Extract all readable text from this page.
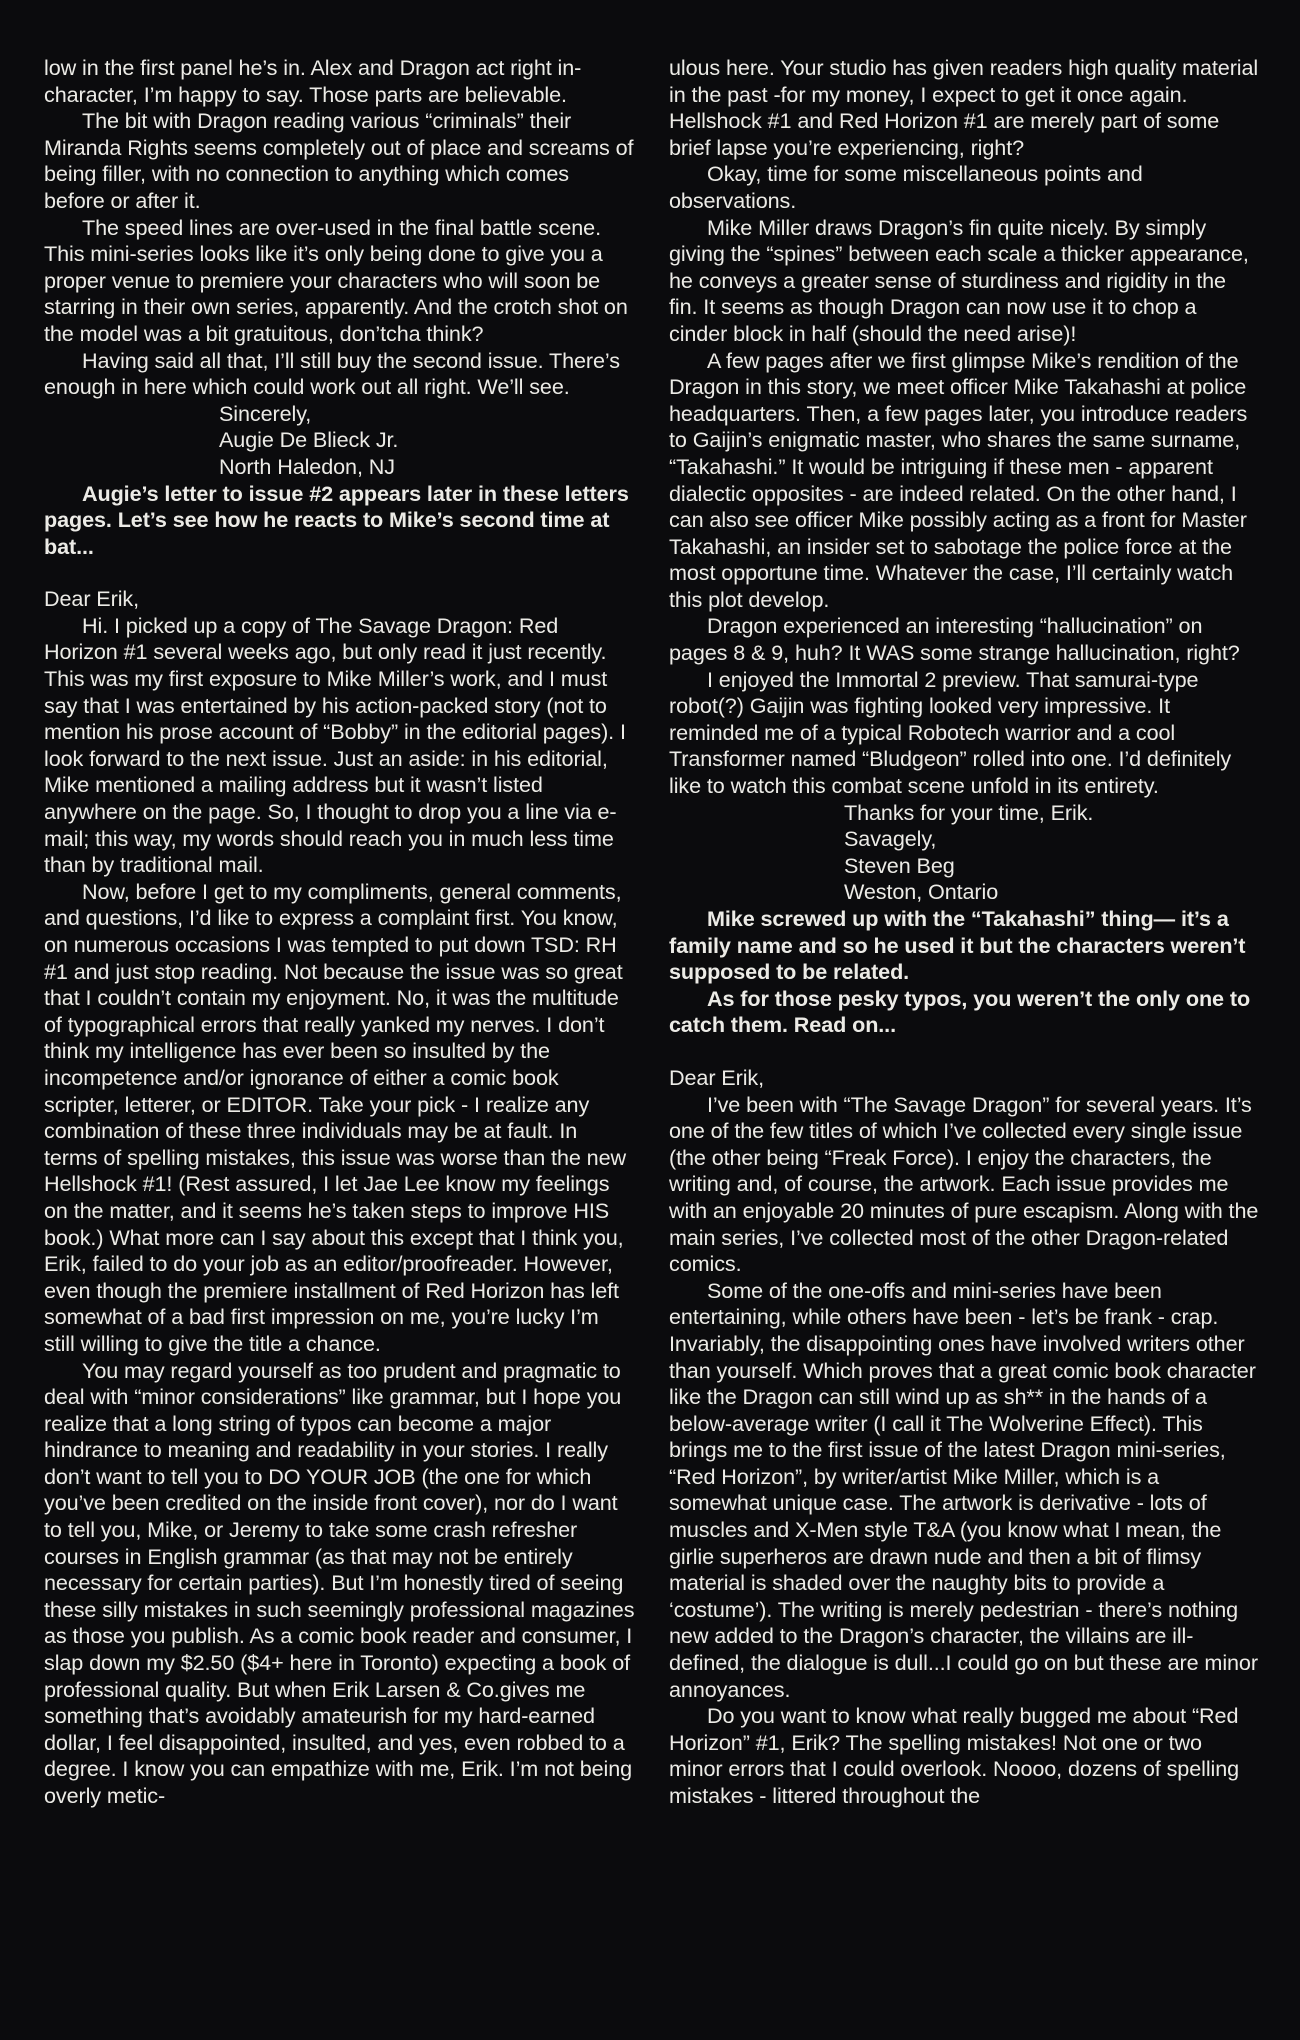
low in the first panel he’s in. Alex and Dragon act right in-character, I’m happy to say. Those parts are believable.

The bit with Dragon reading various “criminals” their Miranda Rights seems completely out of place and screams of being filler, with no connection to anything which comes before or after it.

The speed lines are over-used in the final battle scene. This mini-series looks like it’s only being done to give you a proper venue to premiere your characters who will soon be starring in their own series, apparently. And the crotch shot on the model was a bit gratuitous, don’tcha think?

Having said all that, I’ll still buy the second issue. There’s enough in here which could work out all right. We’ll see.

Sincerely,

Augie De Blieck Jr.

North Haledon, NJ

Augie’s letter to issue #2 appears later in these letters pages. Let’s see how he reacts to Mike’s second time at bat...

Dear Erik,

Hi. I picked up a copy of The Savage Dragon: Red Horizon #1 several weeks ago, but only read it just recently. This was my first exposure to Mike Miller’s work, and I must say that I was entertained by his action-packed story (not to mention his prose account of “Bobby” in the editorial pages). I look forward to the next issue. Just an aside: in his editorial, Mike mentioned a mailing address but it wasn’t listed anywhere on the page. So, I thought to drop you a line via e-mail; this way, my words should reach you in much less time than by traditional mail.

Now, before I get to my compliments, general comments, and questions, I’d like to express a complaint first. You know, on numerous occasions I was tempted to put down TSD: RH #1 and just stop reading. Not because the issue was so great that I couldn’t contain my enjoyment. No, it was the multitude of typographical errors that really yanked my nerves. I don’t think my intelligence has ever been so insulted by the incompetence and/or ignorance of either a comic book scripter, letterer, or EDITOR. Take your pick - I realize any combination of these three individuals may be at fault. In terms of spelling mistakes, this issue was worse than the new Hellshock #1! (Rest assured, I let Jae Lee know my feelings on the matter, and it seems he’s taken steps to improve HIS book.) What more can I say about this except that I think you, Erik, failed to do your job as an editor/proofreader. However, even though the premiere installment of Red Horizon has left somewhat of a bad first impression on me, you’re lucky I’m still willing to give the title a chance.

You may regard yourself as too prudent and pragmatic to deal with “minor considerations” like grammar, but I hope you realize that a long string of typos can become a major hindrance to meaning and readability in your stories. I really don’t want to tell you to DO YOUR JOB (the one for which you’ve been credited on the inside front cover), nor do I want to tell you, Mike, or Jeremy to take some crash refresher courses in English grammar (as that may not be entirely necessary for certain parties). But I’m honestly tired of seeing these silly mistakes in such seemingly professional magazines as those you publish. As a comic book reader and consumer, I slap down my $2.50 ($4+ here in Toronto) expecting a book of professional quality. But when Erik Larsen & Co.gives me something that’s avoidably amateurish for my hard-earned dollar, I feel disappointed, insulted, and yes, even robbed to a degree. I know you can empathize with me, Erik. I’m not being overly metic-

ulous here. Your studio has given readers high quality material in the past -for my money, I expect to get it once again. Hellshock #1 and Red Horizon #1 are merely part of some brief lapse you’re experiencing, right?

Okay, time for some miscellaneous points and observations.

Mike Miller draws Dragon’s fin quite nicely. By simply giving the “spines” between each scale a thicker appearance, he conveys a greater sense of sturdiness and rigidity in the fin. It seems as though Dragon can now use it to chop a cinder block in half (should the need arise)!

A few pages after we first glimpse Mike’s rendition of the Dragon in this story, we meet officer Mike Takahashi at police headquarters. Then, a few pages later, you introduce readers to Gaijin’s enigmatic master, who shares the same surname, “Takahashi.” It would be intriguing if these men - apparent dialectic opposites - are indeed related. On the other hand, I can also see officer Mike possibly acting as a front for Master Takahashi, an insider set to sabotage the police force at the most opportune time. Whatever the case, I’ll certainly watch this plot develop.

Dragon experienced an interesting “hallucination” on pages 8 & 9, huh? It WAS some strange hallucination, right?

I enjoyed the Immortal 2 preview. That samurai-type robot(?) Gaijin was fighting looked very impressive. It reminded me of a typical Robotech warrior and a cool Transformer named “Bludgeon” rolled into one. I’d definitely like to watch this combat scene unfold in its entirety.

Thanks for your time, Erik.

Savagely,

Steven Beg

Weston, Ontario

Mike screwed up with the “Takahashi” thing— it’s a family name and so he used it but the characters weren’t supposed to be related.

As for those pesky typos, you weren’t the only one to catch them. Read on...

Dear Erik,

I’ve been with “The Savage Dragon” for several years. It’s one of the few titles of which I’ve collected every single issue (the other being “Freak Force). I enjoy the characters, the writing and, of course, the artwork. Each issue provides me with an enjoyable 20 minutes of pure escapism. Along with the main series, I’ve collected most of the other Dragon-related comics.

Some of the one-offs and mini-series have been entertaining, while others have been - let’s be frank - crap. Invariably, the disappointing ones have involved writers other than yourself. Which proves that a great comic book character like the Dragon can still wind up as sh** in the hands of a below-average writer (I call it The Wolverine Effect). This brings me to the first issue of the latest Dragon mini-series, “Red Horizon”, by writer/artist Mike Miller, which is a somewhat unique case. The artwork is derivative - lots of muscles and X-Men style T&A (you know what I mean, the girlie superheros are drawn nude and then a bit of flimsy material is shaded over the naughty bits to provide a ‘costume’). The writing is merely pedestrian - there’s nothing new added to the Dragon’s character, the villains are ill-defined, the dialogue is dull...I could go on but these are minor annoyances.

Do you want to know what really bugged me about “Red Horizon” #1, Erik? The spelling mistakes! Not one or two minor errors that I could overlook. Noooo, dozens of spelling mistakes - littered throughout the
